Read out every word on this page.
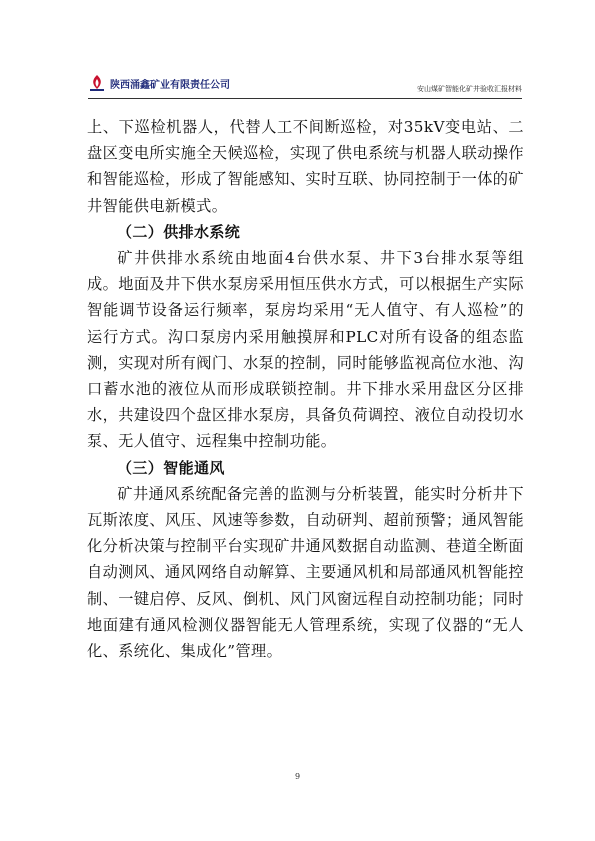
陕西涌鑫矿业有限责任公司	安山煤矿智能化矿井验收汇报材料

上、下巡检机器人，代替人工不间断巡检，对35kV变电站、二盘区变电所实施全天候巡检，实现了供电系统与机器人联动操作和智能巡检，形成了智能感知、实时互联、协同控制于一体的矿井智能供电新模式。

（二）供排水系统

矿井供排水系统由地面4台供水泵、井下3台排水泵等组成。地面及井下供水泵房采用恒压供水方式，可以根据生产实际智能调节设备运行频率，泵房均采用“无人值守、有人巡检”的运行方式。沟口泵房内采用触摸屏和PLC对所有设备的组态监测，实现对所有阀门、水泵的控制，同时能够监视高位水池、沟口蓄水池的液位从而形成联锁控制。井下排水采用盘区分区排水，共建设四个盘区排水泵房，具备负荷调控、液位自动投切水泵、无人值守、远程集中控制功能。

（三）智能通风

矿井通风系统配备完善的监测与分析装置，能实时分析井下瓦斯浓度、风压、风速等参数，自动研判、超前预警；通风智能化分析决策与控制平台实现矿井通风数据自动监测、巷道全断面自动测风、通风网络自动解算、主要通风机和局部通风机智能控制、一键启停、反风、倒机、风门风窗远程自动控制功能；同时地面建有通风检测仪器智能无人管理系统，实现了仪器的“无人化、系统化、集成化”管理。

9
